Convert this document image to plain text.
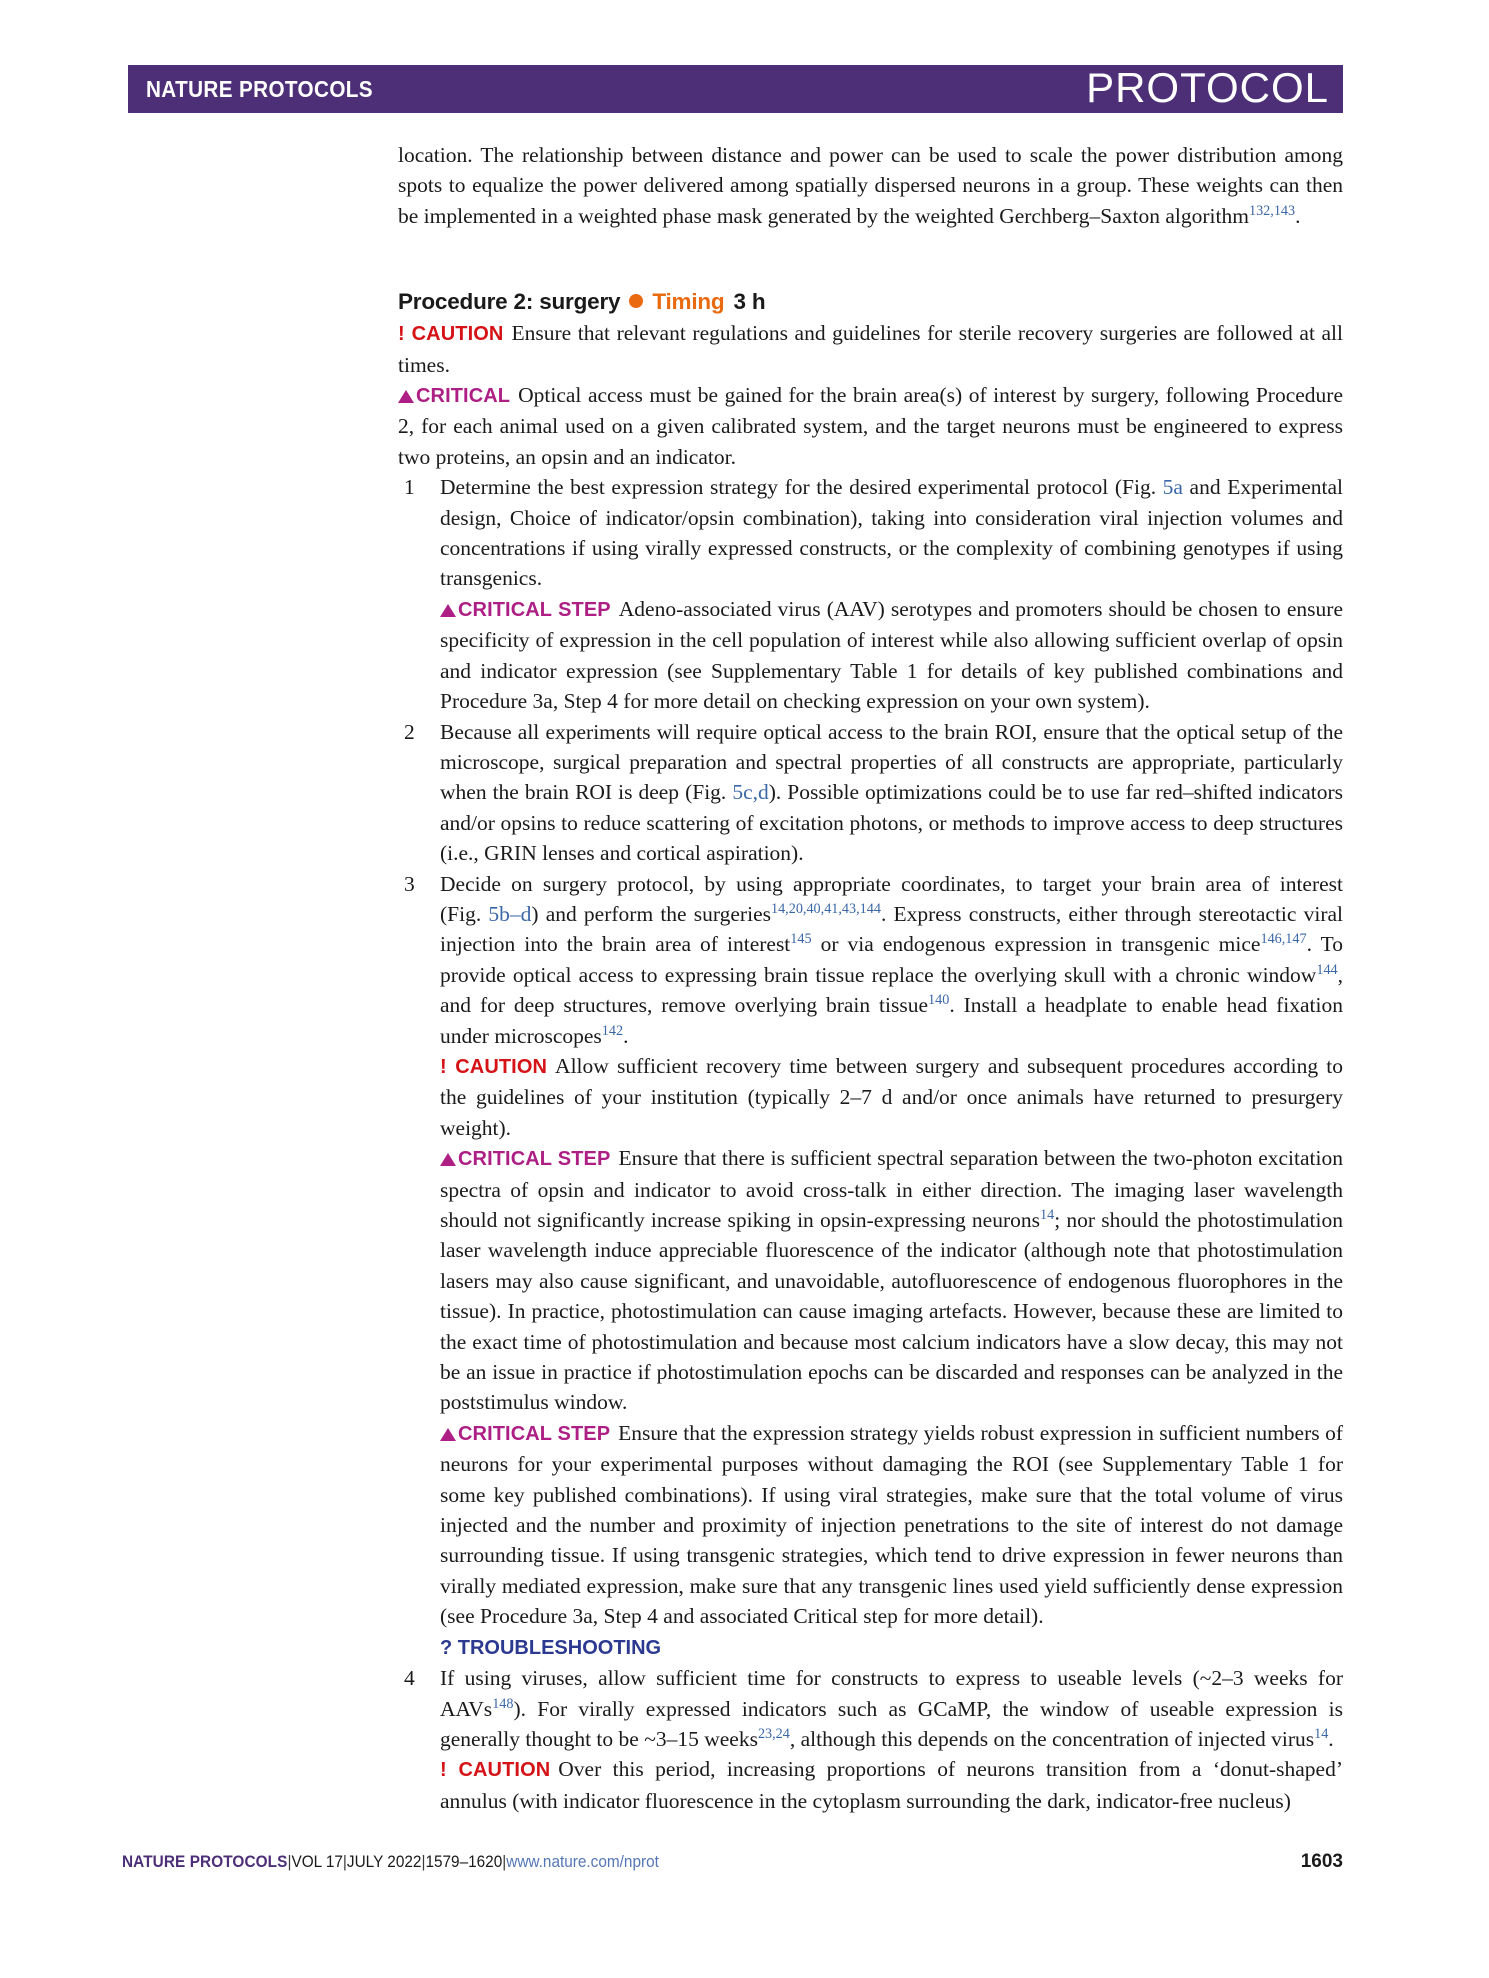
NATURE PROTOCOLS	PROTOCOL

location. The relationship between distance and power can be used to scale the power distribution among spots to equalize the power delivered among spatially dispersed neurons in a group. These weights can then be implemented in a weighted phase mask generated by the weighted Gerchberg–Saxton algorithm$^{132,143}$.

Procedure 2: surgery Timing 3 h

! CAUTION Ensure that relevant regulations and guidelines for sterile recovery surgeries are followed at all times.

CRITICAL Optical access must be gained for the brain area(s) of interest by surgery, following Procedure 2, for each animal used on a given calibrated system, and the target neurons must be engineered to express two proteins, an opsin and an indicator.

1	Determine the best expression strategy for the desired experimental protocol (Fig. 5a and Experimental design, Choice of indicator/opsin combination), taking into consideration viral injection volumes and concentrations if using virally expressed constructs, or the complexity of combining genotypes if using transgenics.
CRITICAL STEP Adeno-associated virus (AAV) serotypes and promoters should be chosen to ensure specificity of expression in the cell population of interest while also allowing sufficient overlap of opsin and indicator expression (see Supplementary Table 1 for details of key published combinations and Procedure 3a, Step 4 for more detail on checking expression on your own system).
2	Because all experiments will require optical access to the brain ROI, ensure that the optical setup of the microscope, surgical preparation and spectral properties of all constructs are appropriate, particularly when the brain ROI is deep (Fig. 5c,d). Possible optimizations could be to use far red–shifted indicators and/or opsins to reduce scattering of excitation photons, or methods to improve access to deep structures (i.e., GRIN lenses and cortical aspiration).
3	Decide on surgery protocol, by using appropriate coordinates, to target your brain area of interest (Fig. 5b–d) and perform the surgeries$^{14,20,40,41,43,144}$. Express constructs, either through stereotactic viral injection into the brain area of interest$^{145}$ or via endogenous expression in transgenic mice$^{146,147}$. To provide optical access to expressing brain tissue replace the overlying skull with a chronic window$^{144}$, and for deep structures, remove overlying brain tissue$^{140}$. Install a headplate to enable head fixation under microscopes$^{142}$.
! CAUTION Allow sufficient recovery time between surgery and subsequent procedures according to the guidelines of your institution (typically 2–7 d and/or once animals have returned to presurgery weight).
CRITICAL STEP Ensure that there is sufficient spectral separation between the two-photon excitation spectra of opsin and indicator to avoid cross-talk in either direction. The imaging laser wavelength should not significantly increase spiking in opsin-expressing neurons$^{14}$; nor should the photostimulation laser wavelength induce appreciable fluorescence of the indicator (although note that photostimulation lasers may also cause significant, and unavoidable, autofluorescence of endogenous fluorophores in the tissue). In practice, photostimulation can cause imaging artefacts. However, because these are limited to the exact time of photostimulation and because most calcium indicators have a slow decay, this may not be an issue in practice if photostimulation epochs can be discarded and responses can be analyzed in the poststimulus window.
CRITICAL STEP Ensure that the expression strategy yields robust expression in sufficient numbers of neurons for your experimental purposes without damaging the ROI (see Supplementary Table 1 for some key published combinations). If using viral strategies, make sure that the total volume of virus injected and the number and proximity of injection penetrations to the site of interest do not damage surrounding tissue. If using transgenic strategies, which tend to drive expression in fewer neurons than virally mediated expression, make sure that any transgenic lines used yield sufficiently dense expression (see Procedure 3a, Step 4 and associated Critical step for more detail).
? TROUBLESHOOTING
4	If using viruses, allow sufficient time for constructs to express to useable levels (~2–3 weeks for AAVs$^{148}$). For virally expressed indicators such as GCaMP, the window of useable expression is generally thought to be ~3–15 weeks$^{23,24}$, although this depends on the concentration of injected virus$^{14}$.
! CAUTION Over this period, increasing proportions of neurons transition from a ‘donut-shaped’ annulus (with indicator fluorescence in the cytoplasm surrounding the dark, indicator-free nucleus)
NATURE PROTOCOLS|VOL 17|JULY 2022|1579–1620|www.nature.com/nprot	1603
